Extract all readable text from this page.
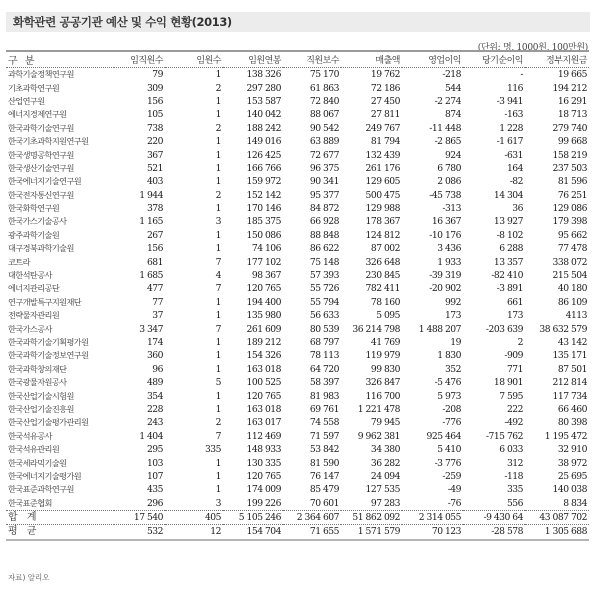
화학관련 공공기관 예산 및 수익 현황(2013)
(단위: 명, 1000원, 100만원)
구 분	임직원수	임원수	임원연봉	직원보수	매출액	영업이익	당기순이익	정부지원금
과학기술정책연구원	79	1	138 326	75 170	19 762	-218	-	19 665
기초과학연구원	309	2	297 280	61 863	72 186	544	116	194 212
산업연구원	156	1	153 587	72 840	27 450	-2 274	-3 941	16 291
에너지경제연구원	105	1	140 042	88 067	27 811	874	-163	18 713
한국과학기술연구원	738	2	188 242	90 542	249 767	-11 448	1 228	279 740
한국기초과학지원연구원	220	1	149 016	63 889	81 794	-2 865	-1 617	99 668
한국생명공학연구원	367	1	126 425	72 677	132 439	924	-631	158 219
한국생산기술연구원	521	1	166 766	96 375	261 176	6 780	164	237 503
한국에너지기술연구원	403	1	159 972	90 341	129 605	2 086	-82	81 596
한국전자통신연구원	1 944	2	152 142	95 377	500 475	-45 738	14 304	76 251
한국화학연구원	378	1	170 146	84 872	129 988	-313	36	129 086
한국가스기술공사	1 165	3	185 375	66 928	178 367	16 367	13 927	179 398
광주과학기술원	267	1	150 086	88 848	124 812	-10 176	-8 102	95 662
대구경북과학기술원	156	1	74 106	86 622	87 002	3 436	6 288	77 478
코트라	681	7	177 102	75 148	326 648	1 933	13 357	338 072
대한석탄공사	1 685	4	98 367	57 393	230 845	-39 319	-82 410	215 504
에너지관리공단	477	7	120 765	55 726	782 411	-20 902	-3 891	40 180
연구개발특구지원재단	77	1	194 400	55 794	78 160	992	661	86 109
전략물자관리원	37	1	135 980	56 633	5 095	173	173	4113
한국가스공사	3 347	7	261 609	80 539	36 214 798	1 488 207	-203 639	38 632 579
한국과학기술기획평가원	174	1	189 212	68 797	41 769	19	2	43 142
한국과학기술정보연구원	360	1	154 326	78 113	119 979	1 830	-909	135 171
한국과학창의재단	96	1	163 018	64 720	99 830	352	771	87 501
한국광물자원공사	489	5	100 525	58 397	326 847	-5 476	18 901	212 814
한국산업기술시험원	354	1	120 765	81 983	116 700	5 973	7 595	117 734
한국산업기술진흥원	228	1	163 018	69 761	1 221 478	-208	222	66 460
한국산업기술평가관리원	243	2	163 017	74 558	79 945	-776	-492	80 398
한국석유공사	1 404	7	112 469	71 597	9 962 381	925 464	-715 762	1 195 472
한국석유관리원	295	335	148 933	53 842	34 380	5 410	6 033	32 910
한국세라믹기술원	103	1	130 335	81 590	36 282	-3 776	312	38 972
한국에너지기술평가원	107	1	120 765	76 147	24 094	-259	-118	25 695
한국표준과학연구원	435	1	174 009	85 479	127 535	-49	335	140 038
한국표준협회	296	3	199 226	70 601	97 283	-76	556	8 834
합 계	17 540	405	5 105 246	2 364 607	51 862 092	2 314 055	-9 430 64	43 087 702
평 균	532	12	154 704	71 655	1 571 579	70 123	-28 578	1 305 688
자료) 알리오
